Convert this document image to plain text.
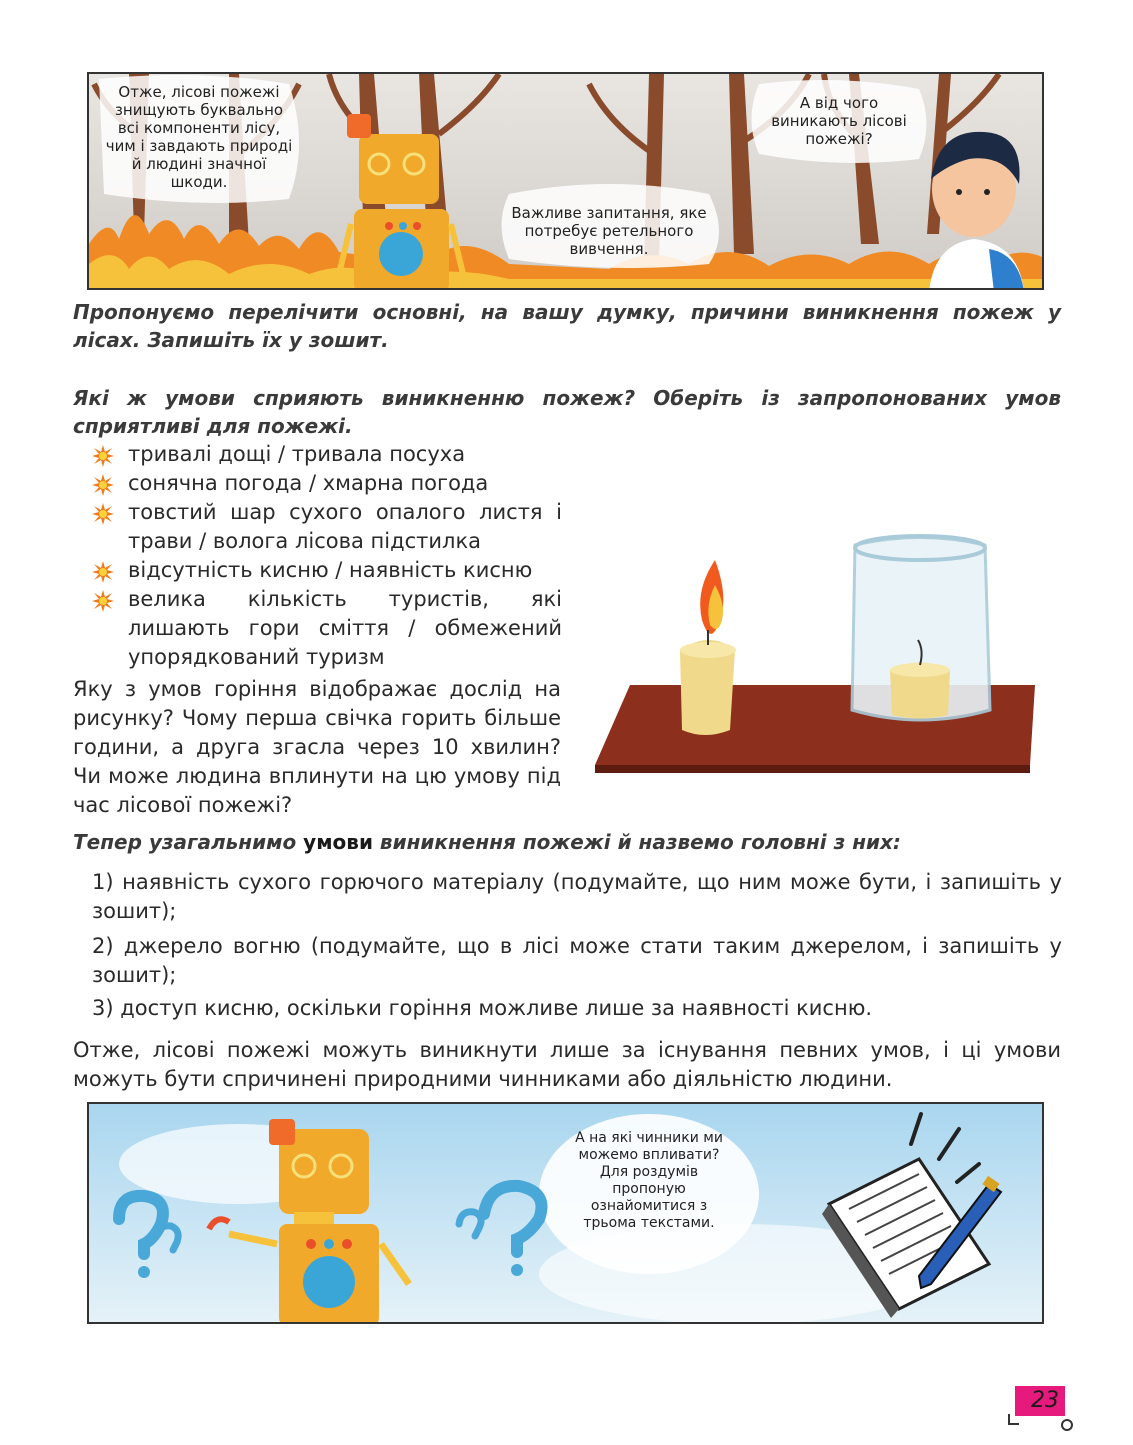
Отже, лісові пожежі знищують буквально всі компоненти лісу, чим і завдають природі й людині значної шкоди.
Важливе запитання, яке потребує ретельного вивчення.
А від чого виникають лісові пожежі?
Пропонуємо перелічити основні, на вашу думку, причини виникнення пожеж у лісах. Запишіть їх у зошит.
Які ж умови сприяють виникненню пожеж? Оберіть із запропонованих умов сприятливі для пожежі.
тривалі дощі / тривала посуха
сонячна погода / хмарна погода
товстий шар сухого опалого листя і трави / волога лісова підстилка
відсутність кисню / наявність кисню
велика кількість туристів, які лишають гори сміття / обмежений упорядкований туризм
Яку з умов горіння відображає дослід на рисунку? Чому перша свічка горить більше години, а друга згасла через 10 хвилин? Чи може людина вплинути на цю умову під час лісової пожежі?
Тепер узагальнимо умови виникнення пожежі й назвемо головні з них:
1) наявність сухого горючого матеріалу (подумайте, що ним може бути, і запишіть у зошит);
2) джерело вогню (подумайте, що в лісі може стати таким джерелом, і запишіть у зошит);
3) доступ кисню, оскільки горіння можливе лише за наявності кисню.
Отже, лісові пожежі можуть виникнути лише за існування певних умов, і ці умови можуть бути спричинені природними чинниками або діяльністю людини.
А на які чинники ми можемо впливати? Для роздумів пропоную ознайомитися з трьома текстами.
23
